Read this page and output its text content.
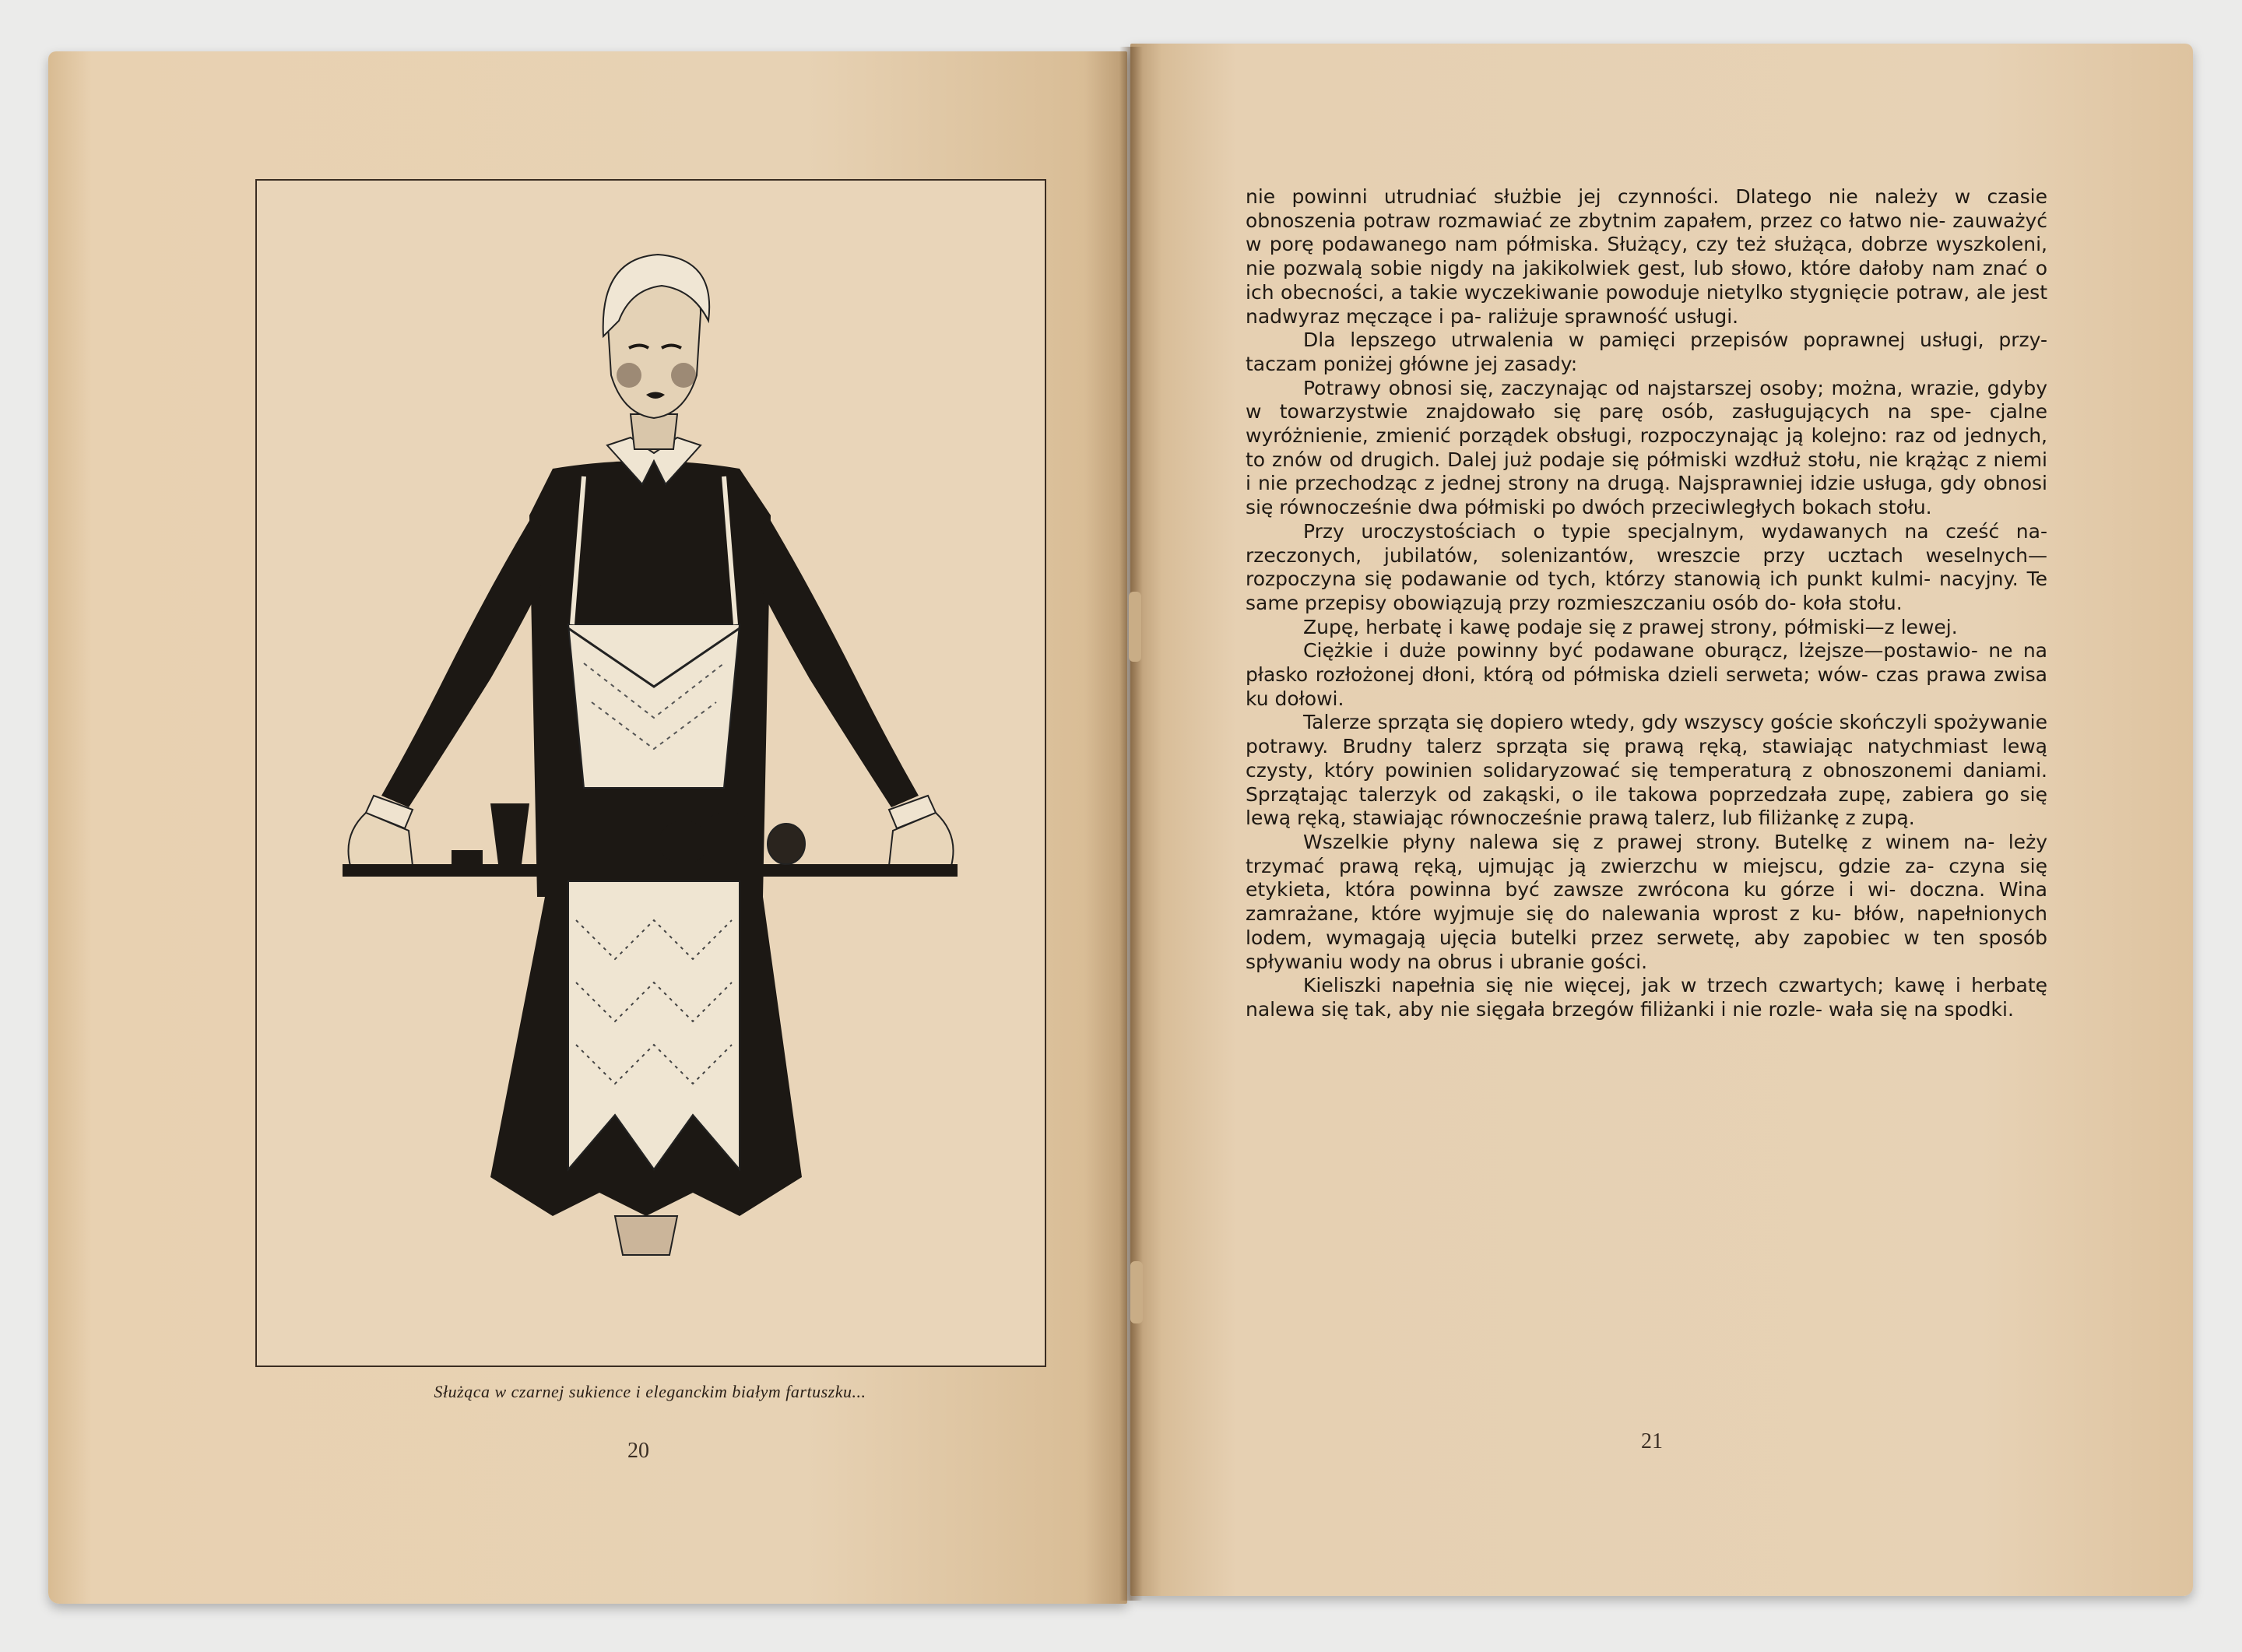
Służąca w czarnej sukience i eleganckim białym fartuszku...
20

nie powinni utrudniać służbie jej czynności. Dlatego nie należy w czasie obnoszenia potraw rozmawiać ze zbytnim zapałem, przez co łatwo nie- zauważyć w porę podawanego nam półmiska. Służący, czy też służąca, dobrze wyszkoleni, nie pozwalą sobie nigdy na jakikolwiek gest, lub słowo, które dałoby nam znać o ich obecności, a takie wyczekiwanie powoduje nietylko stygnięcie potraw, ale jest nadwyraz męczące i pa- raliżuje sprawność usługi.

Dla lepszego utrwalenia w pamięci przepisów poprawnej usługi, przy- taczam poniżej główne jej zasady:

Potrawy obnosi się, zaczynając od najstarszej osoby; można, wrazie, gdyby w towarzystwie znajdowało się parę osób, zasługujących na spe- cjalne wyróżnienie, zmienić porządek obsługi, rozpoczynając ją kolejno: raz od jednych, to znów od drugich. Dalej już podaje się półmiski wzdłuż stołu, nie krążąc z niemi i nie przechodząc z jednej strony na drugą. Najsprawniej idzie usługa, gdy obnosi się równocześnie dwa półmiski po dwóch przeciwległych bokach stołu.

Przy uroczystościach o typie specjalnym, wydawanych na cześć na- rzeczonych, jubilatów, solenizantów, wreszcie przy ucztach weselnych— rozpoczyna się podawanie od tych, którzy stanowią ich punkt kulmi- nacyjny. Te same przepisy obowiązują przy rozmieszczaniu osób do- koła stołu.

Zupę, herbatę i kawę podaje się z prawej strony, półmiski—z lewej.

Ciężkie i duże powinny być podawane oburącz, lżejsze—postawio- ne na płasko rozłożonej dłoni, którą od półmiska dzieli serweta; wów- czas prawa zwisa ku dołowi.

Talerze sprząta się dopiero wtedy, gdy wszyscy goście skończyli spożywanie potrawy. Brudny talerz sprząta się prawą ręką, stawiając natychmiast lewą czysty, który powinien solidaryzować się temperaturą z obnoszonemi daniami. Sprzątając talerzyk od zakąski, o ile takowa poprzedzała zupę, zabiera go się lewą ręką, stawiając równocześnie prawą talerz, lub filiżankę z zupą.

Wszelkie płyny nalewa się z prawej strony. Butelkę z winem na- leży trzymać prawą ręką, ujmując ją zwierzchu w miejscu, gdzie za- czyna się etykieta, która powinna być zawsze zwrócona ku górze i wi- doczna. Wina zamrażane, które wyjmuje się do nalewania wprost z ku- błów, napełnionych lodem, wymagają ujęcia butelki przez serwetę, aby zapobiec w ten sposób spływaniu wody na obrus i ubranie gości.

Kieliszki napełnia się nie więcej, jak w trzech czwartych; kawę i herbatę nalewa się tak, aby nie sięgała brzegów filiżanki i nie rozle- wała się na spodki.

21
